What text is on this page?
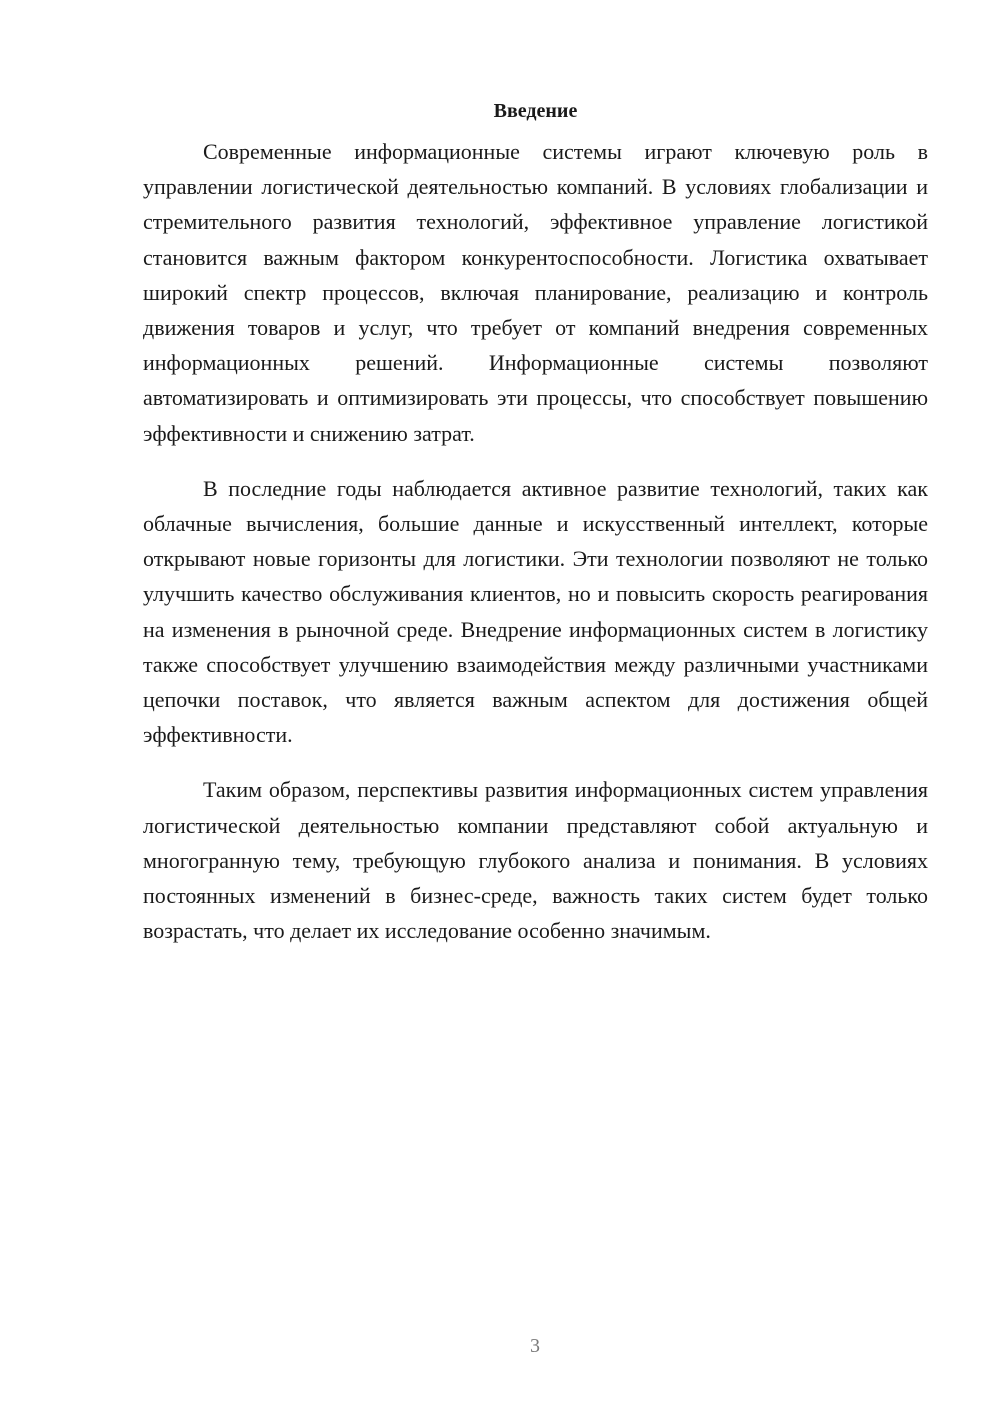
Введение

Современные информационные системы играют ключевую роль в управлении логистической деятельностью компаний. В условиях глобализации и стремительного развития технологий, эффективное управление логистикой становится важным фактором конкурентоспособности. Логистика охватывает широкий спектр процессов, включая планирование, реализацию и контроль движения товаров и услуг, что требует от компаний внедрения современных информационных решений. Информационные системы позволяют автоматизировать и оптимизировать эти процессы, что способствует повышению эффективности и снижению затрат.

В последние годы наблюдается активное развитие технологий, таких как облачные вычисления, большие данные и искусственный интеллект, которые открывают новые горизонты для логистики. Эти технологии позволяют не только улучшить качество обслуживания клиентов, но и повысить скорость реагирования на изменения в рыночной среде. Внедрение информационных систем в логистику также способствует улучшению взаимодействия между различными участниками цепочки поставок, что является важным аспектом для достижения общей эффективности.

Таким образом, перспективы развития информационных систем управления логистической деятельностью компании представляют собой актуальную и многогранную тему, требующую глубокого анализа и понимания. В условиях постоянных изменений в бизнес-среде, важность таких систем будет только возрастать, что делает их исследование особенно значимым.

3
